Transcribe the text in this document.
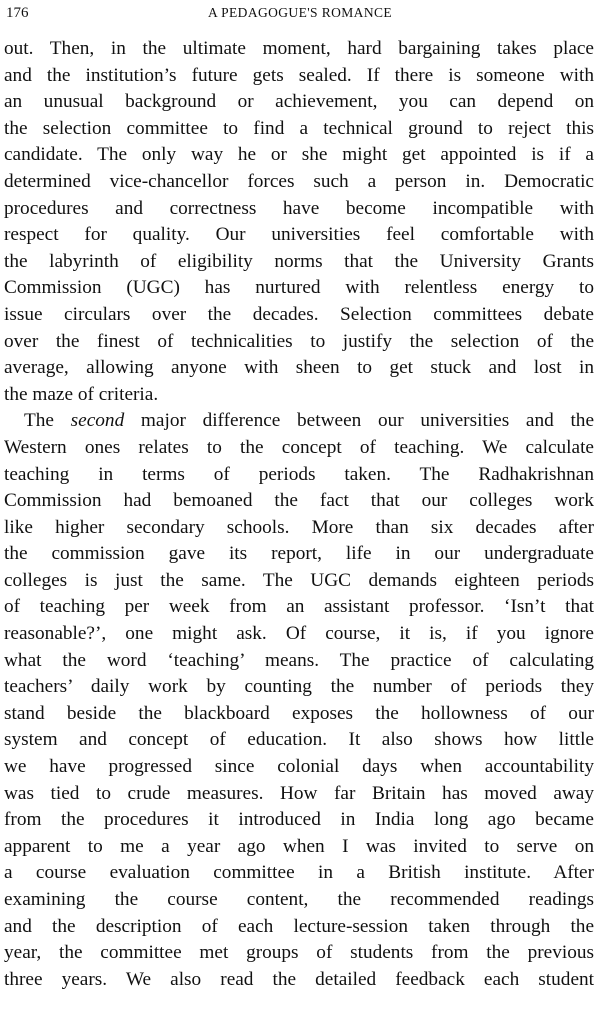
176	A PEDAGOGUE'S ROMANCE
out. Then, in the ultimate moment, hard bargaining takes place
and the institution’s future gets sealed. If there is someone with
an unusual background or achievement, you can depend on
the selection committee to find a technical ground to reject this
candidate. The only way he or she might get appointed is if a
determined vice-chancellor forces such a person in. Democratic
procedures and correctness have become incompatible with
respect for quality. Our universities feel comfortable with
the labyrinth of eligibility norms that the University Grants
Commission (UGC) has nurtured with relentless energy to
issue circulars over the decades. Selection committees debate
over the finest of technicalities to justify the selection of the
average, allowing anyone with sheen to get stuck and lost in
the maze of criteria.
The second major difference between our universities and the
Western ones relates to the concept of teaching. We calculate
teaching in terms of periods taken. The Radhakrishnan
Commission had bemoaned the fact that our colleges work
like higher secondary schools. More than six decades after
the commission gave its report, life in our undergraduate
colleges is just the same. The UGC demands eighteen periods
of teaching per week from an assistant professor. ‘Isn’t that
reasonable?’, one might ask. Of course, it is, if you ignore
what the word ‘teaching’ means. The practice of calculating
teachers’ daily work by counting the number of periods they
stand beside the blackboard exposes the hollowness of our
system and concept of education. It also shows how little
we have progressed since colonial days when accountability
was tied to crude measures. How far Britain has moved away
from the procedures it introduced in India long ago became
apparent to me a year ago when I was invited to serve on
a course evaluation committee in a British institute. After
examining the course content, the recommended readings
and the description of each lecture-session taken through the
year, the committee met groups of students from the previous
three years. We also read the detailed feedback each student
